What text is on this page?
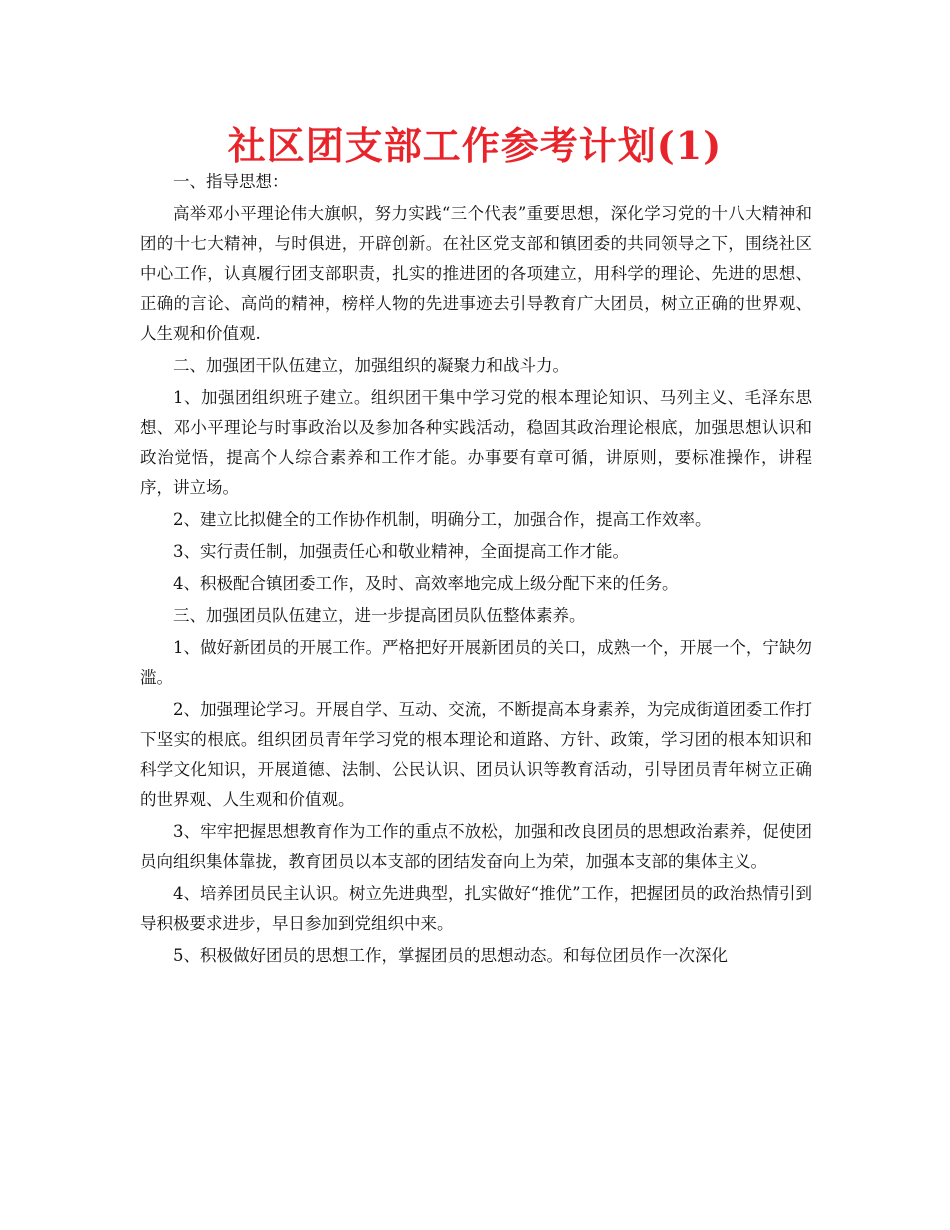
社区团支部工作参考计划(1)

一、指导思想：

高举邓小平理论伟大旗帜，努力实践“三个代表”重要思想，深化学习党的十八大精神和团的十七大精神，与时俱进，开辟创新。在社区党支部和镇团委的共同领导之下，围绕社区中心工作，认真履行团支部职责，扎实的推进团的各项建立，用科学的理论、先进的思想、正确的言论、高尚的精神，榜样人物的先进事迹去引导教育广大团员，树立正确的世界观、人生观和价值观.

二、加强团干队伍建立，加强组织的凝聚力和战斗力。

1、加强团组织班子建立。组织团干集中学习党的根本理论知识、马列主义、毛泽东思想、邓小平理论与时事政治以及参加各种实践活动，稳固其政治理论根底，加强思想认识和政治觉悟，提高个人综合素养和工作才能。办事要有章可循，讲原则，要标准操作，讲程序，讲立场。

2、建立比拟健全的工作协作机制，明确分工，加强合作，提高工作效率。

3、实行责任制，加强责任心和敬业精神，全面提高工作才能。

4、积极配合镇团委工作，及时、高效率地完成上级分配下来的任务。

三、加强团员队伍建立，进一步提高团员队伍整体素养。

1、做好新团员的开展工作。严格把好开展新团员的关口，成熟一个，开展一个，宁缺勿滥。

2、加强理论学习。开展自学、互动、交流，不断提高本身素养，为完成街道团委工作打下坚实的根底。组织团员青年学习党的根本理论和道路、方针、政策，学习团的根本知识和科学文化知识，开展道德、法制、公民认识、团员认识等教育活动，引导团员青年树立正确的世界观、人生观和价值观。

3、牢牢把握思想教育作为工作的重点不放松，加强和改良团员的思想政治素养，促使团员向组织集体靠拢，教育团员以本支部的团结发奋向上为荣，加强本支部的集体主义。

4、培养团员民主认识。树立先进典型，扎实做好“推优”工作，把握团员的政治热情引到导积极要求进步，早日参加到党组织中来。

5、积极做好团员的思想工作，掌握团员的思想动态。和每位团员作一次深化
